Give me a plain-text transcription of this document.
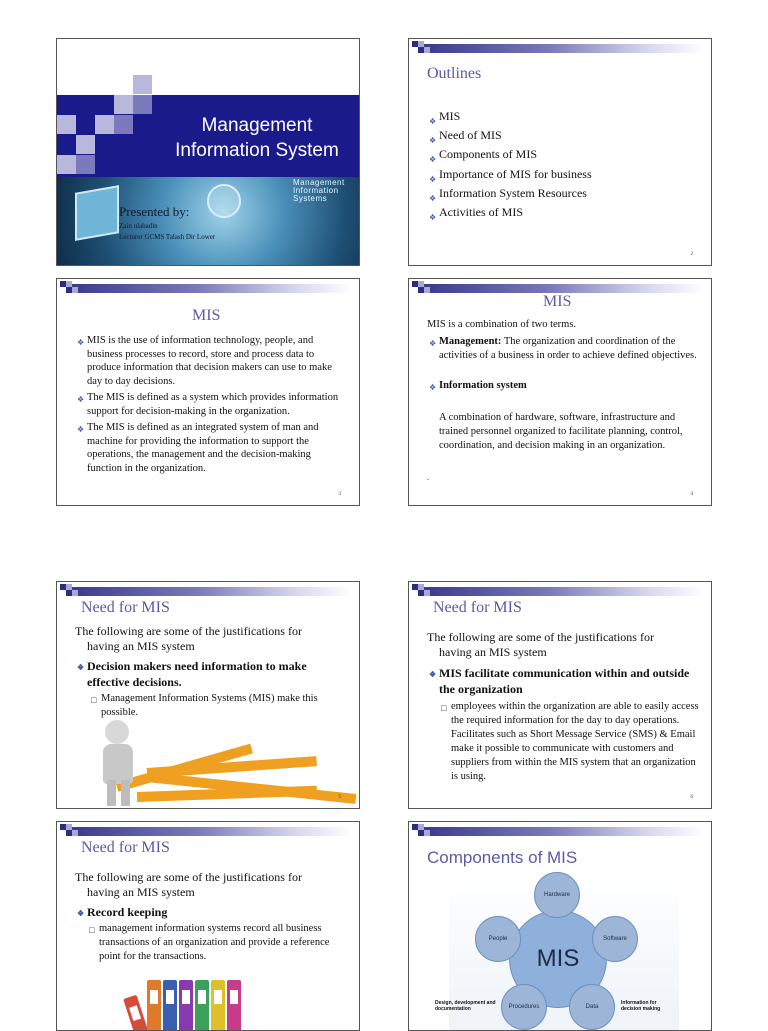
Management
Information System
Management
Information
Systems
Presented by:
Zain ulabadin
Lecturer GCMS Talash Dir Lower
Outlines
❖ MIS
❖ Need of MIS
❖ Components of MIS
❖ Importance of MIS for business
❖ Information System Resources
❖ Activities of MIS
2
MIS
❖ MIS is the use of information technology, people, and business processes to record, store and process data to produce information that decision makers can use to make day to day decisions.
❖ The MIS is defined as a system which provides information support for decision-making in the organization.
❖ The MIS is defined as an integrated system of man and machine for providing the information to support the operations, the management and the decision-making function in the organization.
3
MIS
MIS is a combination of two terms.
❖ Management: The organization and coordination of the activities of a business in order to achieve defined objectives.
❖ Information system
A combination of hardware, software, infrastructure and trained personnel organized to facilitate planning, control, coordination, and decision making in an organization.
.
4
Need for MIS
The following are some of the justifications for
having an MIS system
❖ Decision makers need information to make effective decisions.
□ Management Information Systems (MIS) make this possible.
5
Need for MIS
The following are some of the justifications for
having an MIS system
❖ MIS facilitate communication within and outside the organization
□ employees within the organization are able to easily access the required information for the day to day operations. Facilitates such as Short Message Service (SMS) & Email make it possible to communicate with customers and suppliers from within the MIS system that an organization is using.
6
Need for MIS
The following are some of the justifications for
having an MIS system
❖ Record keeping
□ management information systems record all business transactions of an organization and provide a reference point for the transactions.
Components of MIS
MIS
Hardware
Software
Data
Procedures
People
Design, development and documentation
Information for decision making
